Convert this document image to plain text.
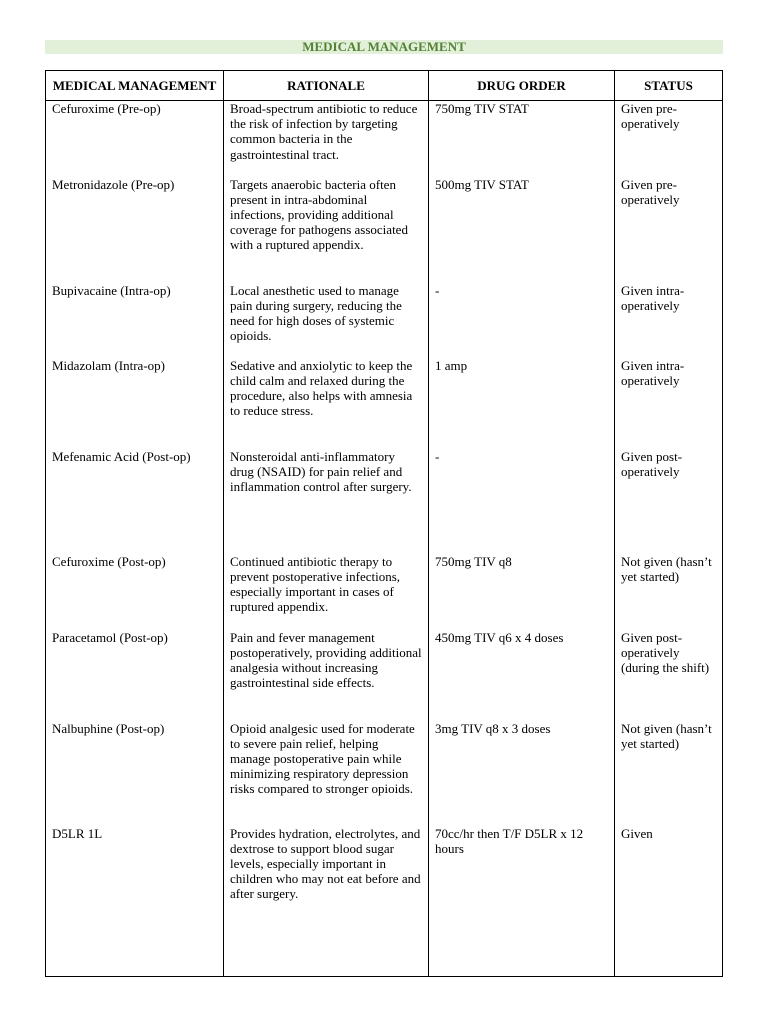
MEDICAL MANAGEMENT
MEDICAL MANAGEMENT	RATIONALE	DRUG ORDER	STATUS
Cefuroxime (Pre-op)	Broad-spectrum antibiotic to reduce the risk of infection by targeting common bacteria in the gastrointestinal tract.	750mg TIV STAT	Given pre-operatively
Metronidazole (Pre-op)	Targets anaerobic bacteria often present in intra-abdominal infections, providing additional coverage for pathogens associated with a ruptured appendix.	500mg TIV STAT	Given pre-operatively
Bupivacaine (Intra-op)	Local anesthetic used to manage pain during surgery, reducing the need for high doses of systemic opioids.	-	Given intra-operatively
Midazolam (Intra-op)	Sedative and anxiolytic to keep the child calm and relaxed during the procedure, also helps with amnesia to reduce stress.	1 amp	Given intra-operatively
Mefenamic Acid (Post-op)	Nonsteroidal anti-inflammatory drug (NSAID) for pain relief and inflammation control after surgery.	-	Given post-operatively
Cefuroxime (Post-op)	Continued antibiotic therapy to prevent postoperative infections, especially important in cases of ruptured appendix.	750mg TIV q8	Not given (hasn’t yet started)
Paracetamol (Post-op)	Pain and fever management postoperatively, providing additional analgesia without increasing gastrointestinal side effects.	450mg TIV q6 x 4 doses	Given post-operatively (during the shift)
Nalbuphine (Post-op)	Opioid analgesic used for moderate to severe pain relief, helping manage postoperative pain while minimizing respiratory depression risks compared to stronger opioids.	3mg TIV q8 x 3 doses	Not given (hasn’t yet started)
D5LR 1L	Provides hydration, electrolytes, and dextrose to support blood sugar levels, especially important in children who may not eat before and after surgery.	70cc/hr then T/F D5LR x 12 hours	Given
